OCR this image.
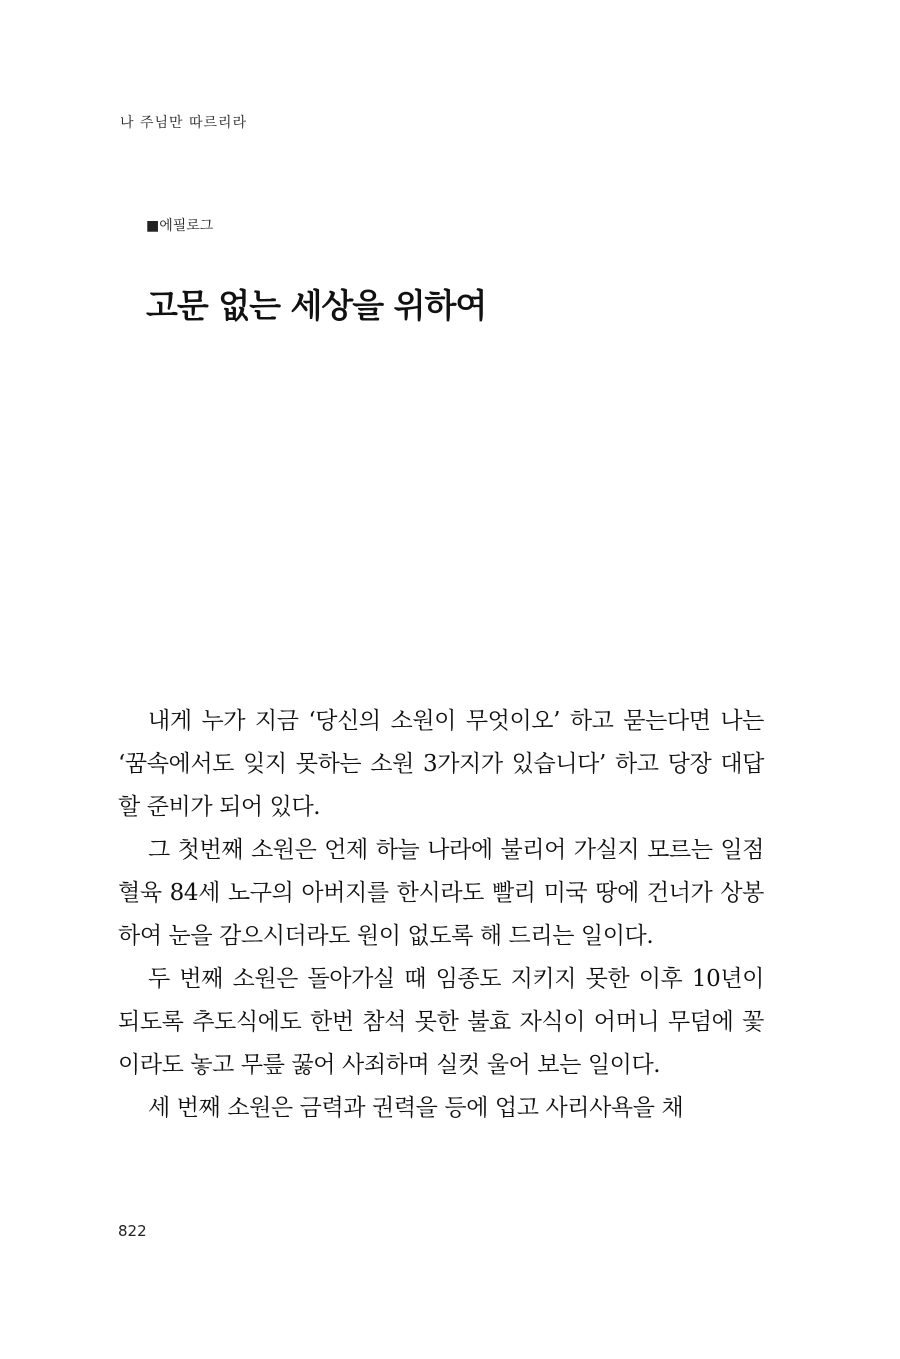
나 주님만 따르리라
■에필로그
고문 없는 세상을 위하여

내게 누가 지금 ‘당신의 소원이 무엇이오’ 하고 묻는다면 나는 ‘꿈속에서도 잊지 못하는 소원 3가지가 있습니다’ 하고 당장 대답할 준비가 되어 있다.

그 첫번째 소원은 언제 하늘 나라에 불리어 가실지 모르는 일점 혈육 84세 노구의 아버지를 한시라도 빨리 미국 땅에 건너가 상봉하여 눈을 감으시더라도 원이 없도록 해 드리는 일이다.

두 번째 소원은 돌아가실 때 임종도 지키지 못한 이후 10년이 되도록 추도식에도 한번 참석 못한 불효 자식이 어머니 무덤에 꽃이라도 놓고 무릎 꿇어 사죄하며 실컷 울어 보는 일이다.

세 번째 소원은 금력과 권력을 등에 업고 사리사욕을 채

822
